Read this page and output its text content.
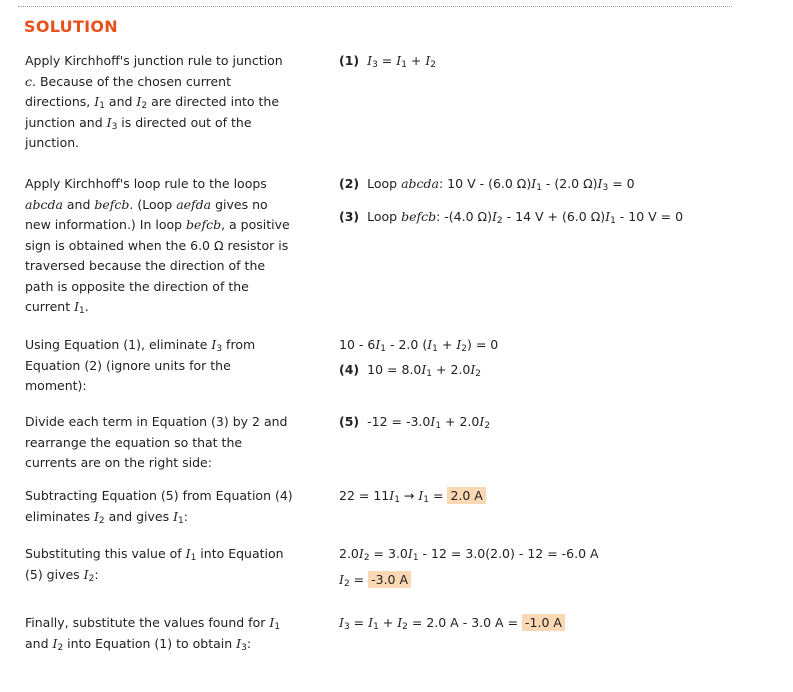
SOLUTION

Apply Kirchhoff's junction rule to junction c. Because of the chosen current directions, $I_1$ and $I_2$ are directed into the junction and $I_3$ is directed out of the junction.

(1) $I_3 = I_1 + I_2$

Apply Kirchhoff's loop rule to the loops abcda and befcb. (Loop aefda gives no new information.) In loop befcb, a positive sign is obtained when the 6.0 Ω resistor is traversed because the direction of the path is opposite the direction of the current $I_1$.

(2) Loop abcda: 10 V - (6.0 $\Omega)I_1 - (2.0$ $\Omega)I_3 = 0$
(3) Loop befcb: -(4.0 $\Omega)I_2 - 14$ V + (6.0 $\Omega)I_1 - 10$ V = 0

Using Equation (1), eliminate $I_3$ from Equation (2) (ignore units for the moment):

$10 - 6I_1 - 2.0$ $(I_1 + I_2) = 0$
(4) $10 = 8.0I_1 + 2.0I_2$

Divide each term in Equation (3) by 2 and rearrange the equation so that the currents are on the right side:

(5) $-12 = -3.0I_1 + 2.0I_2$

Subtracting Equation (5) from Equation (4) eliminates $I_2$ and gives $I_1$:

$22 = 11I_1 \to I_1 = 2.0$ A

Substituting this value of $I_1$ into Equation (5) gives $I_2$:

$2.0I_2 = 3.0I_1 - 12 = 3.0(2.0) - 12 = -6.0$ A
$I_2 = -3.0$ A

Finally, substitute the values found for $I_1$ and $I_2$ into Equation (1) to obtain $I_3$:

$I_3 = I_1 + I_2 = 2.0$ A - 3.0 A = -1.0 A
